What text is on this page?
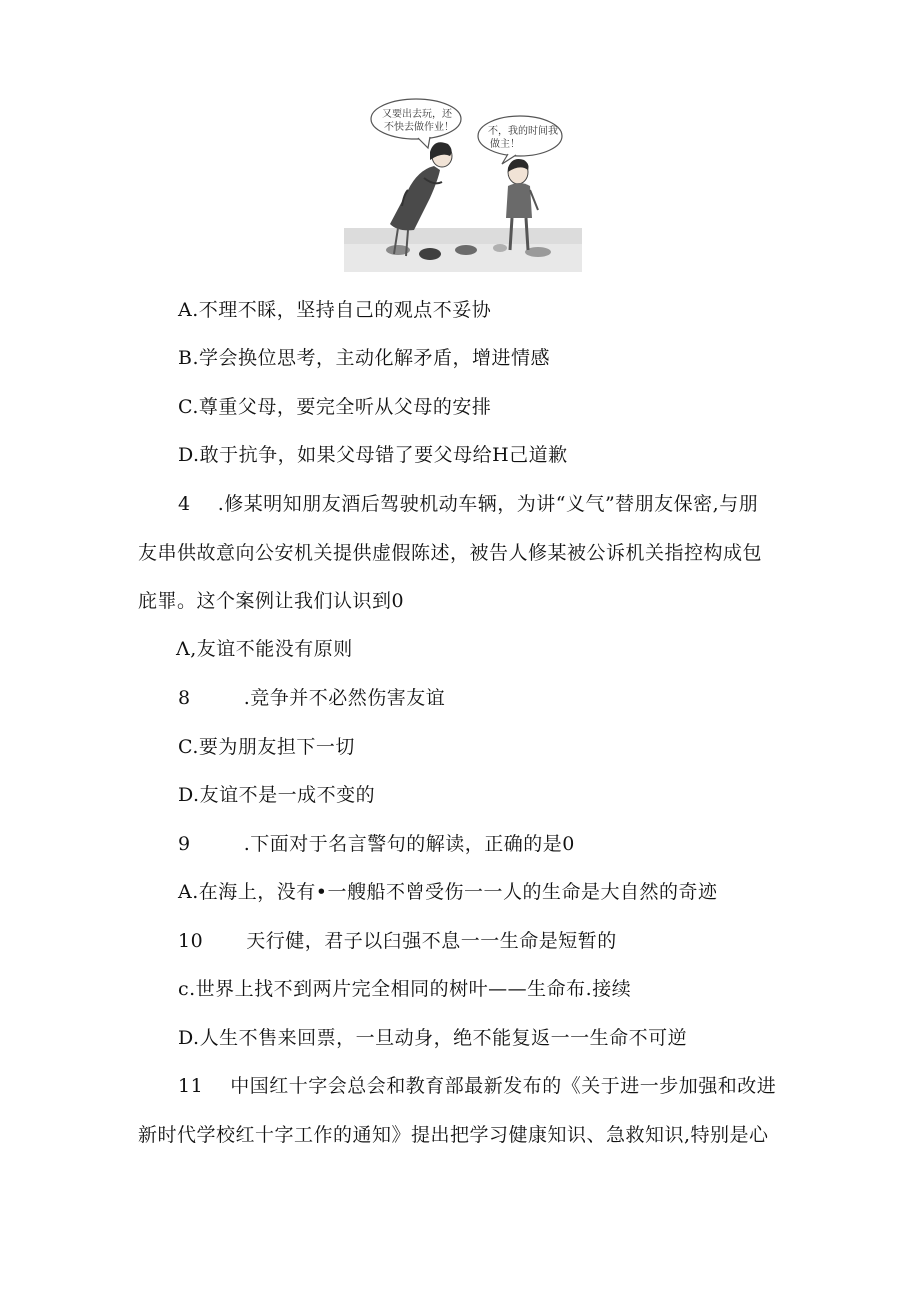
又要出去玩，还
不快去做作业！	不，我的时间我
做主！
A.不理不睬，坚持自己的观点不妥协
B.学会换位思考，主动化解矛盾，增进情感
C.尊重父母，要完全听从父母的安排
D.敢于抗争，如果父母错了要父母给H己道歉
4 .修某明知朋友酒后驾驶机动车辆，为讲“义气”替朋友保密,与朋
友串供故意向公安机关提供虚假陈述，被告人修某被公诉机关指控构成包
庇罪。这个案例让我们认识到0
Λ,友谊不能没有原则
8	.竞争并不必然伤害友谊
C.要为朋友担下一切
D.友谊不是一成不变的
9	.下面对于名言警句的解读，正确的是0
A.在海上，没有•一艘船不曾受伤一一人的生命是大自然的奇迹
10 天行健，君子以臼强不息一一生命是短暂的
c.世界上找不到两片完全相同的树叶——生命布.接续
D.人生不售来回票，一旦动身，绝不能复返一一生命不可逆
11 中国红十字会总会和教育部最新发布的《关于进一步加强和改进
新时代学校红十字工作的通知》提出把学习健康知识、急救知识,特别是心
